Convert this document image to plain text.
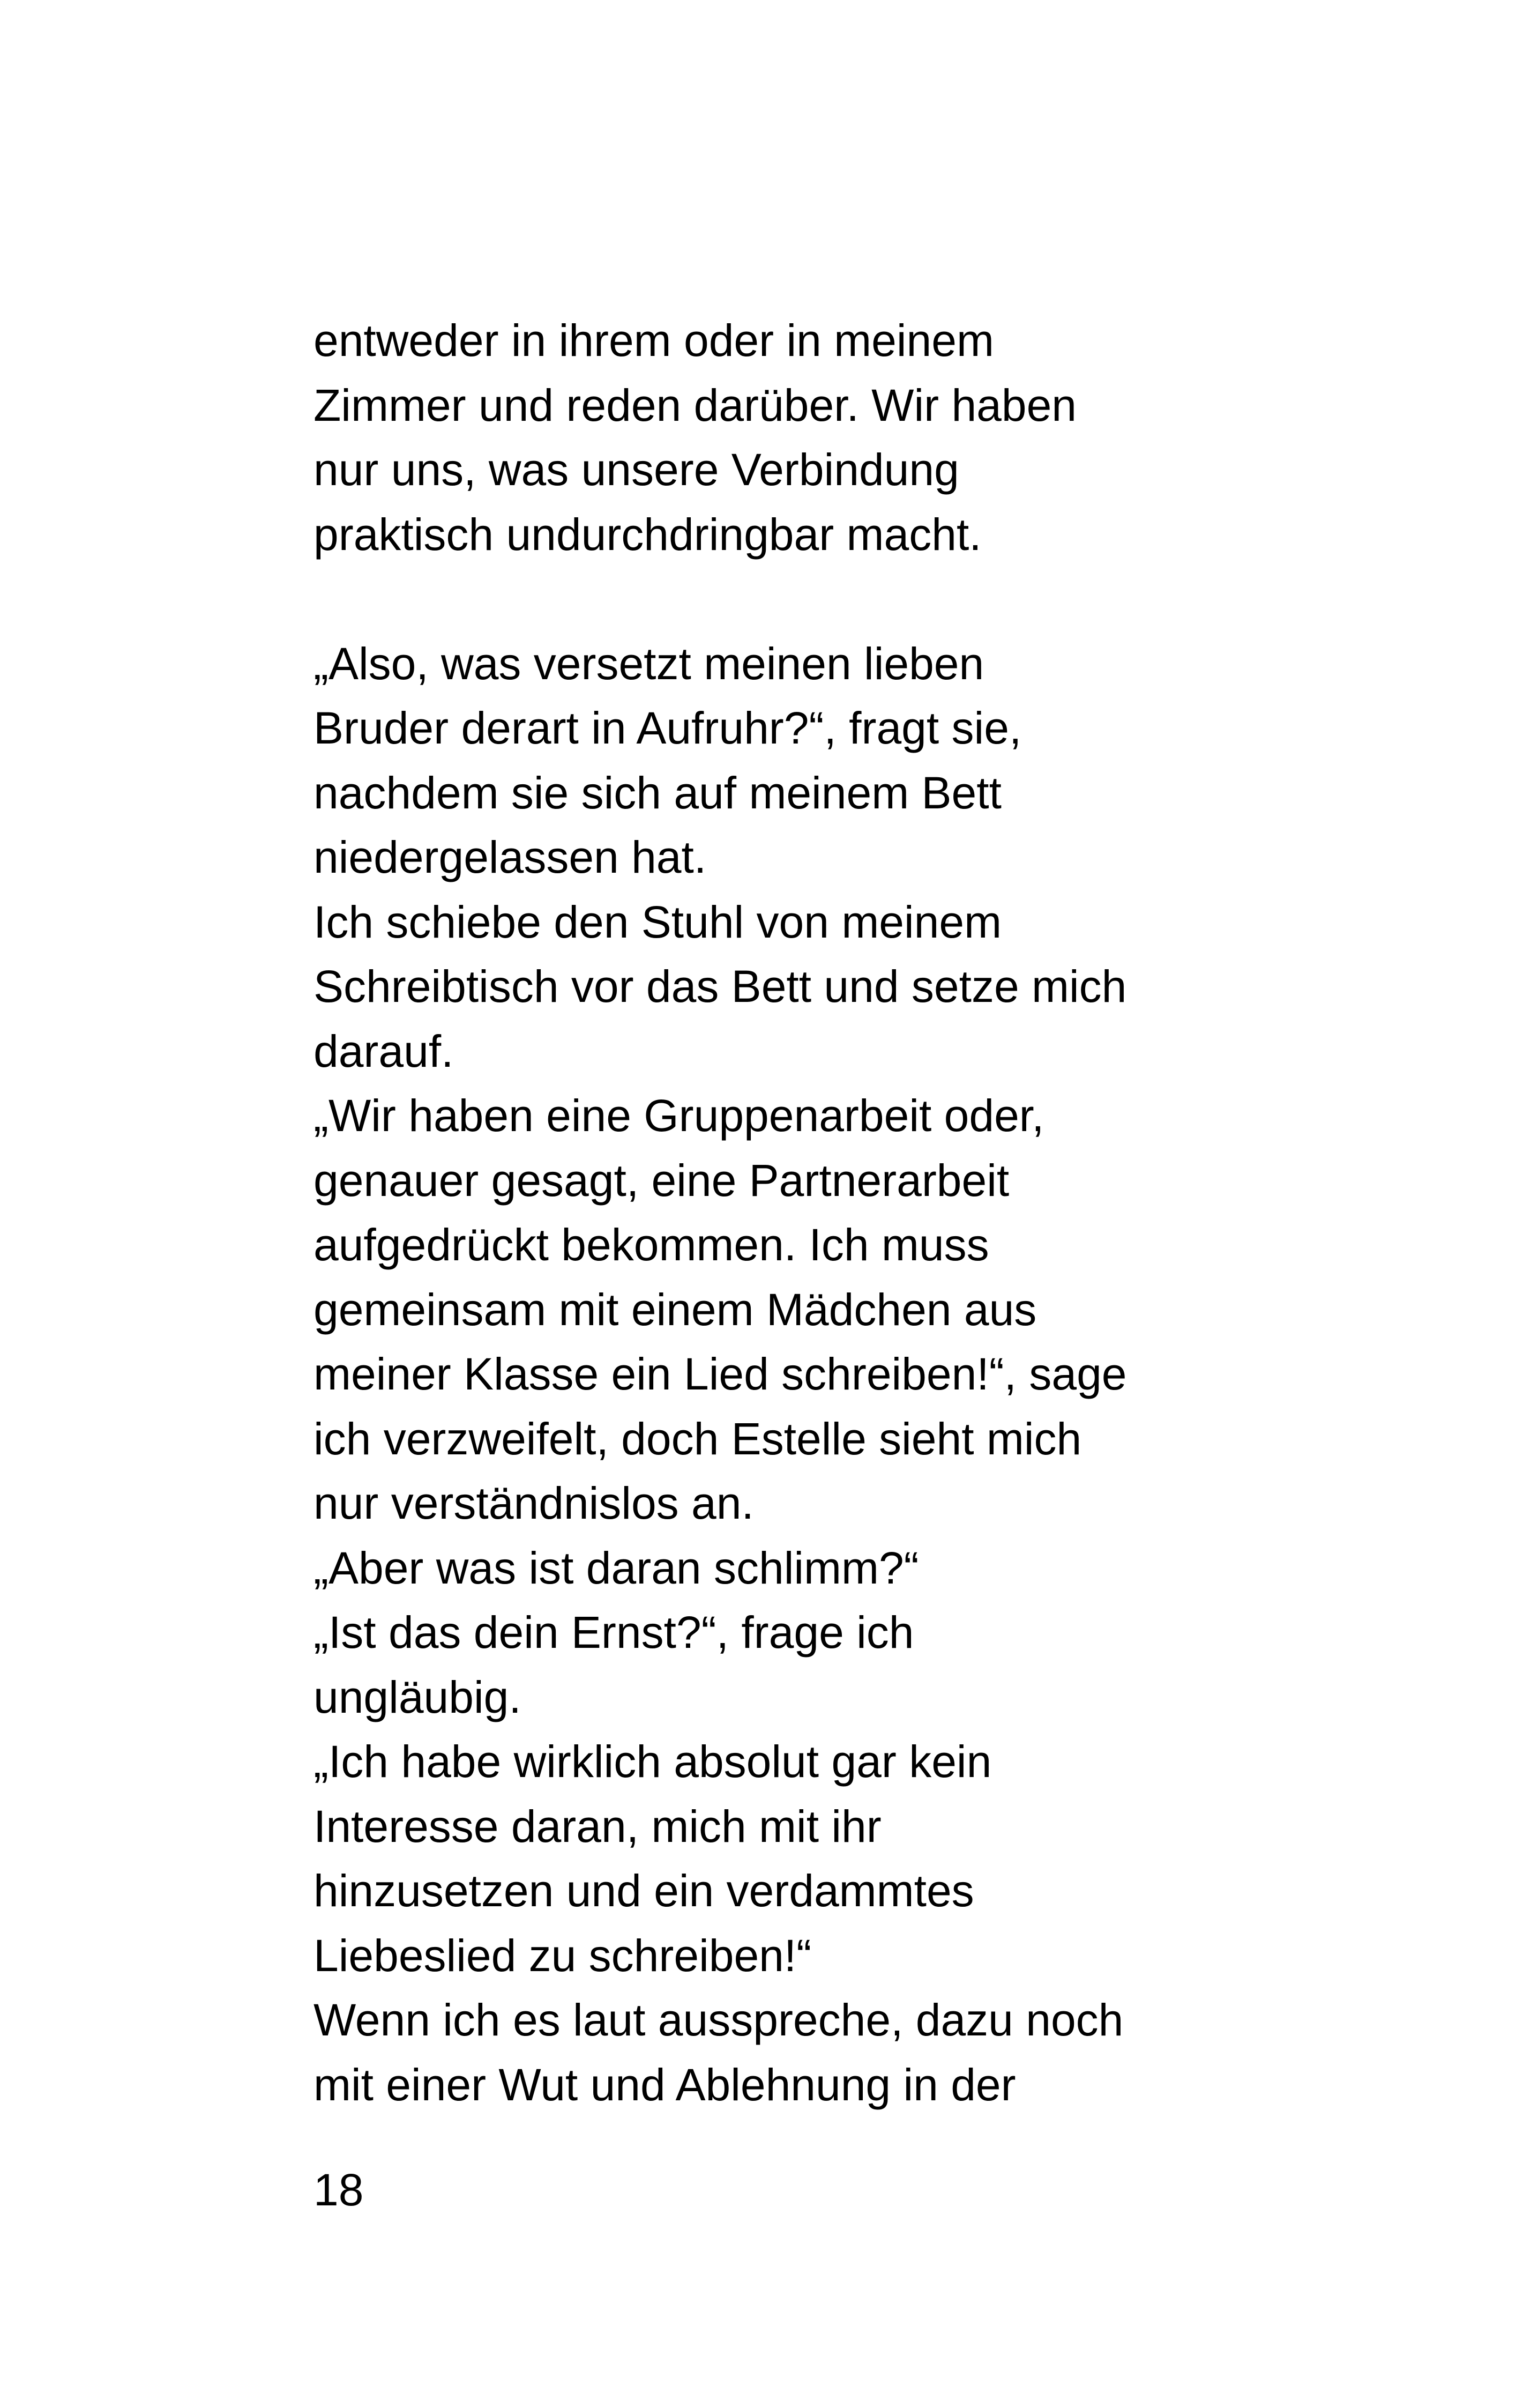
entweder in ihrem oder in meinem
Zimmer und reden darüber. Wir haben
nur uns, was unsere Verbindung
praktisch undurchdringbar macht.
„Also, was versetzt meinen lieben
Bruder derart in Aufruhr?“, fragt sie,
nachdem sie sich auf meinem Bett
niedergelassen hat.
Ich schiebe den Stuhl von meinem
Schreibtisch vor das Bett und setze mich
darauf.
„Wir haben eine Gruppenarbeit oder,
genauer gesagt, eine Partnerarbeit
aufgedrückt bekommen. Ich muss
gemeinsam mit einem Mädchen aus
meiner Klasse ein Lied schreiben!“, sage
ich verzweifelt, doch Estelle sieht mich
nur verständnislos an.
„Aber was ist daran schlimm?“
„Ist das dein Ernst?“, frage ich
ungläubig.
„Ich habe wirklich absolut gar kein
Interesse daran, mich mit ihr
hinzusetzen und ein verdammtes
Liebeslied zu schreiben!“
Wenn ich es laut ausspreche, dazu noch
mit einer Wut und Ablehnung in der
18
